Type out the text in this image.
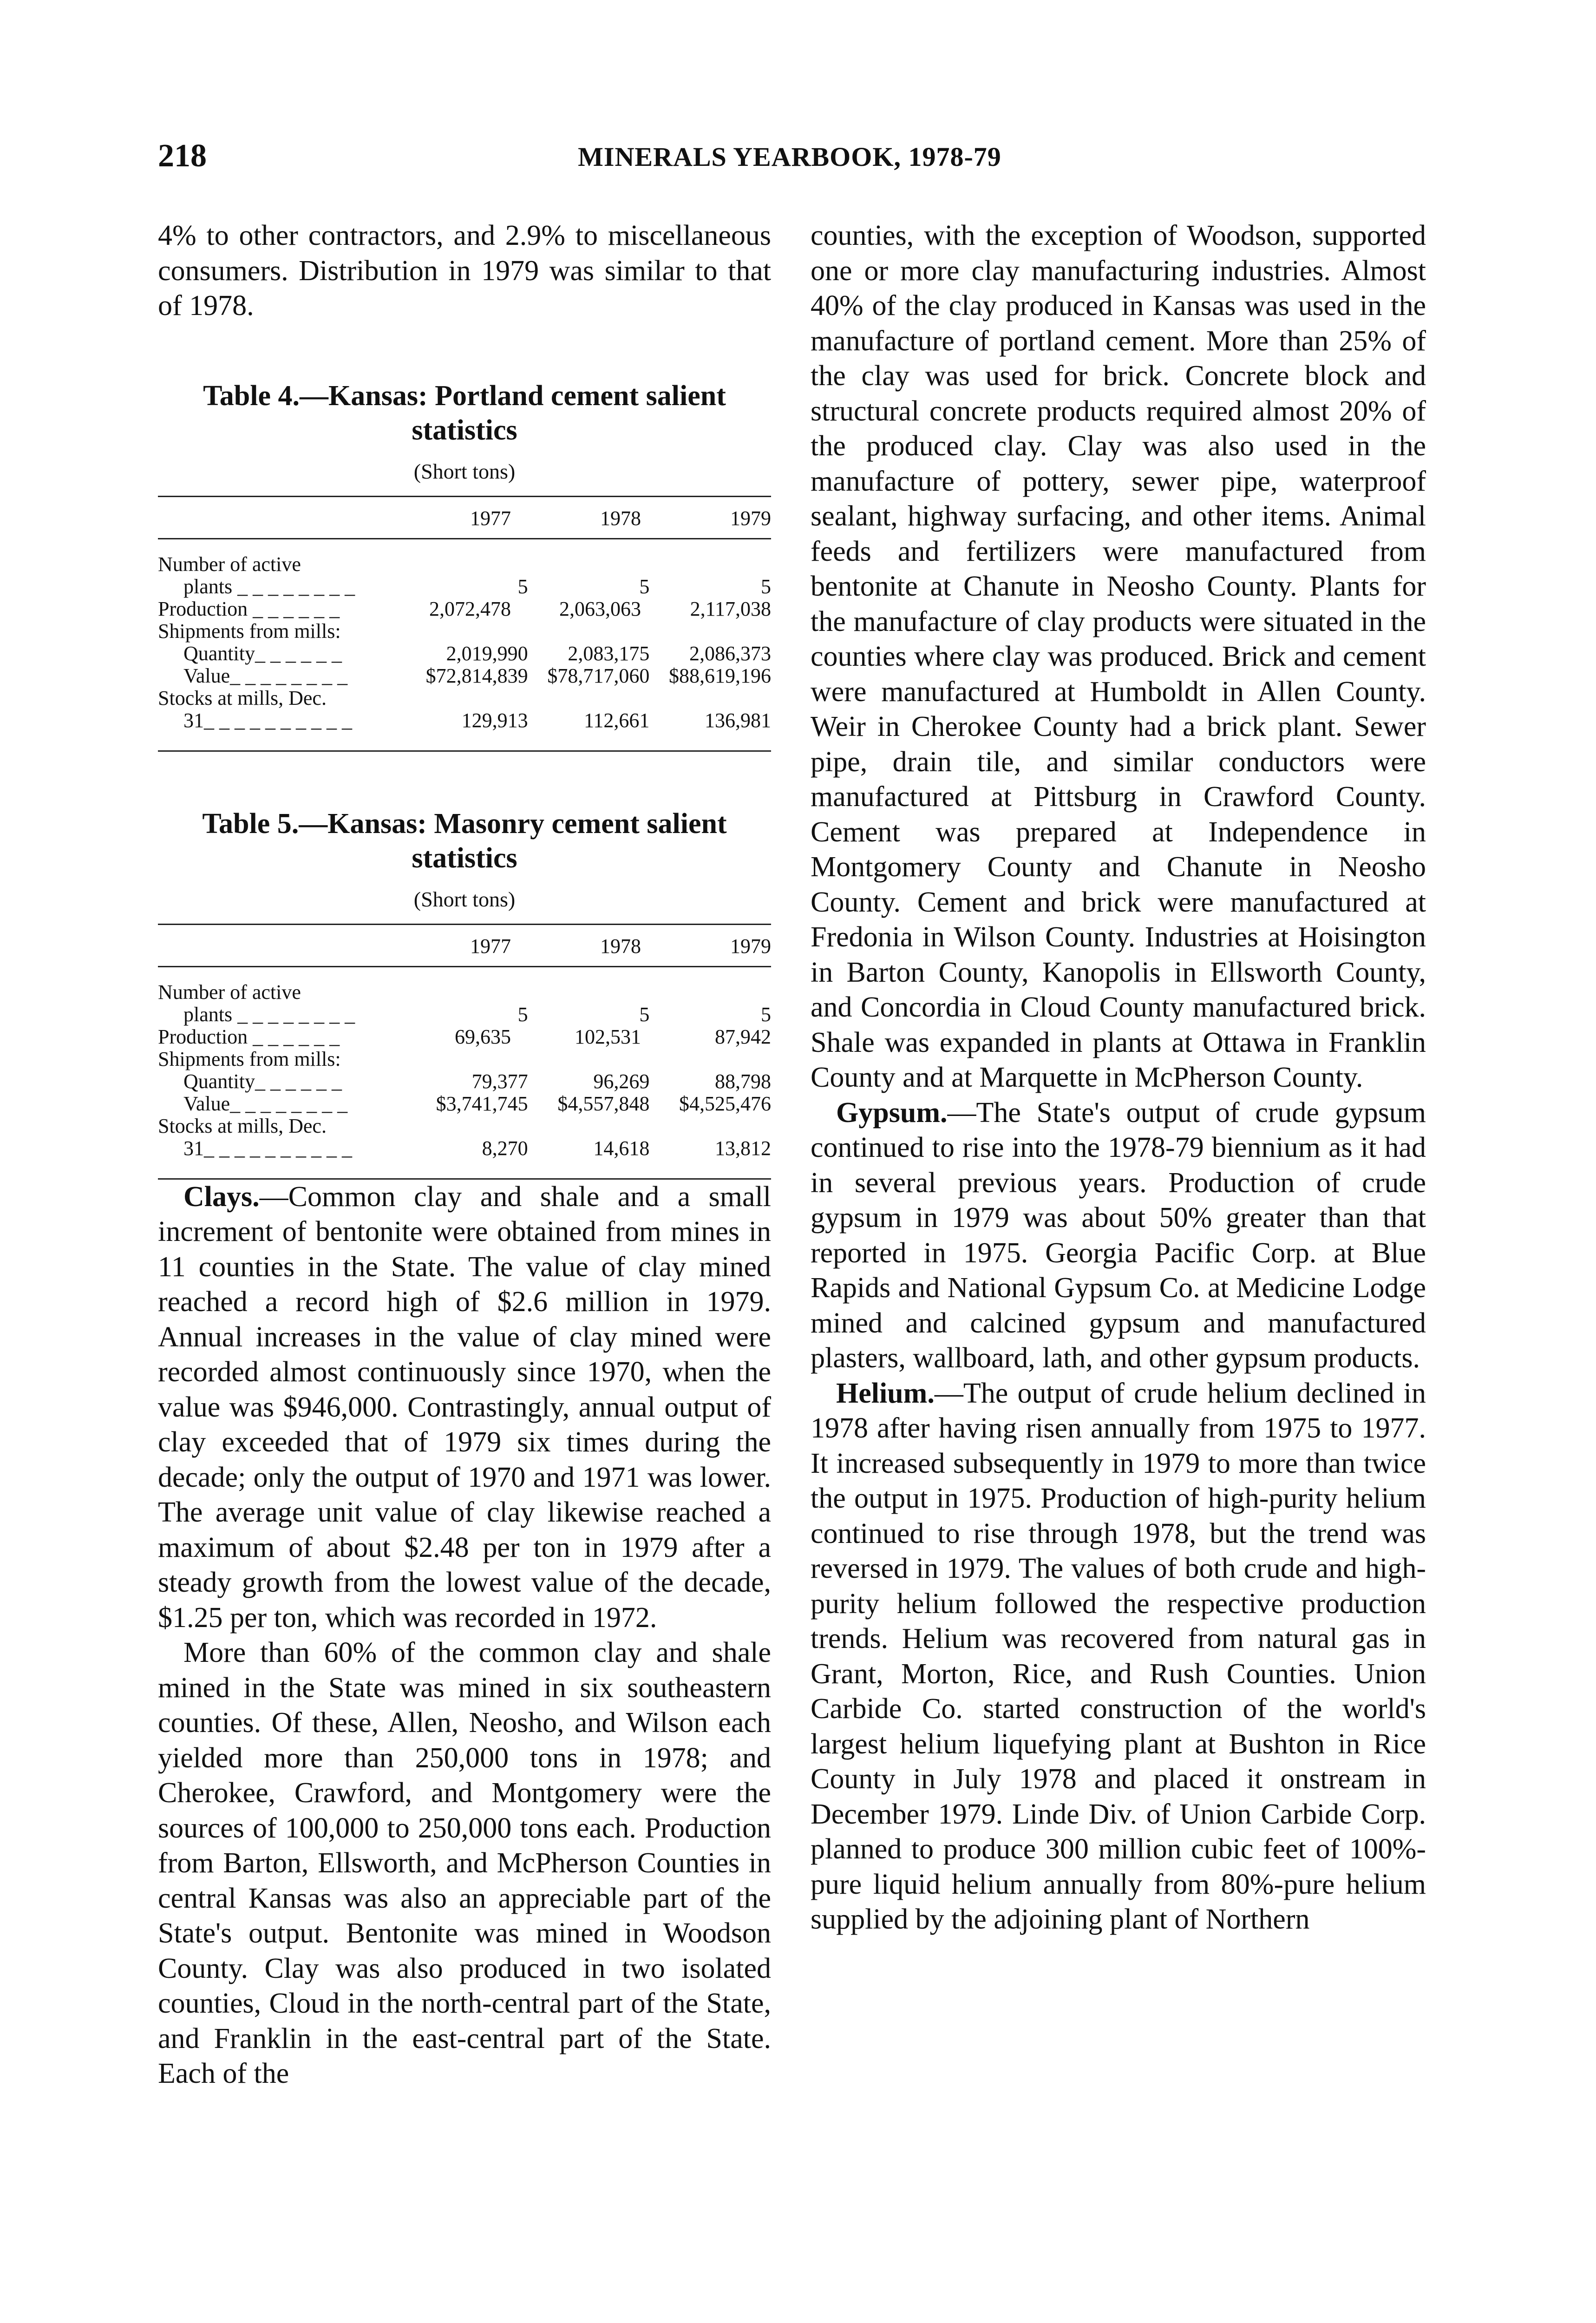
218	MINERALS YEARBOOK, 1978-79

4% to other contractors, and 2.9% to miscellaneous consumers. Distribution in 1979 was similar to that of 1978.

Table 4.—Kansas: Portland cement salient
statistics
(Short tons)
1977	1978	1979
Number of active
plants _ _ _ _ _ _ _ _	5	5	5
Production _ _ _ _ _ _	2,072,478	2,063,063	2,117,038
Shipments from mills:
Quantity_ _ _ _ _ _	2,019,990	2,083,175	2,086,373
Value_ _ _ _ _ _ _ _	$72,814,839 $78,717,060 $88,619,196
Stocks at mills, Dec.
31_ _ _ _ _ _ _ _ _ _	129,913	112,661	136,981
Table 5.—Kansas: Masonry cement salient
statistics
(Short tons)
1977	1978	1979
Number of active
plants _ _ _ _ _ _ _ _	5	5	5
Production _ _ _ _ _ _	69,635	102,531	87,942
Shipments from mills:
Quantity_ _ _ _ _ _	79,377	96,269	88,798
Value_ _ _ _ _ _ _ _	$3,741,745	$4,557,848	$4,525,476
Stocks at mills, Dec.
31_ _ _ _ _ _ _ _ _ _	8,270	14,618	13,812

Clays.—Common clay and shale and a small increment of bentonite were obtained from mines in 11 counties in the State. The value of clay mined reached a record high of $2.6 million in 1979. Annual increases in the value of clay mined were recorded almost continuously since 1970, when the value was $946,000. Contrastingly, annual output of clay exceeded that of 1979 six times during the decade; only the output of 1970 and 1971 was lower. The average unit value of clay likewise reached a maximum of about $2.48 per ton in 1979 after a steady growth from the lowest value of the decade, $1.25 per ton, which was recorded in 1972.

More than 60% of the common clay and shale mined in the State was mined in six southeastern counties. Of these, Allen, Neosho, and Wilson each yielded more than 250,000 tons in 1978; and Cherokee, Crawford, and Montgomery were the sources of 100,000 to 250,000 tons each. Production from Barton, Ellsworth, and McPherson Counties in central Kansas was also an appreciable part of the State's output. Bentonite was mined in Woodson County. Clay was also produced in two isolated counties, Cloud in the north-central part of the State, and Franklin in the east-central part of the State. Each of the

counties, with the exception of Woodson, supported one or more clay manufacturing industries. Almost 40% of the clay produced in Kansas was used in the manufacture of portland cement. More than 25% of the clay was used for brick. Concrete block and structural concrete products required almost 20% of the produced clay. Clay was also used in the manufacture of pottery, sewer pipe, waterproof sealant, highway surfacing, and other items. Animal feeds and fertilizers were manufactured from bentonite at Chanute in Neosho County. Plants for the manufacture of clay products were situated in the counties where clay was produced. Brick and cement were manufactured at Humboldt in Allen County. Weir in Cherokee County had a brick plant. Sewer pipe, drain tile, and similar conductors were manufactured at Pittsburg in Crawford County. Cement was prepared at Independence in Montgomery County and Chanute in Neosho County. Cement and brick were manufactured at Fredonia in Wilson County. Industries at Hoisington in Barton County, Kanopolis in Ellsworth County, and Concordia in Cloud County manufactured brick. Shale was expanded in plants at Ottawa in Franklin County and at Marquette in McPherson County.

Gypsum.—The State's output of crude gypsum continued to rise into the 1978-79 biennium as it had in several previous years. Production of crude gypsum in 1979 was about 50% greater than that reported in 1975. Georgia Pacific Corp. at Blue Rapids and National Gypsum Co. at Medicine Lodge mined and calcined gypsum and manufactured plasters, wallboard, lath, and other gypsum products.

Helium.—The output of crude helium declined in 1978 after having risen annually from 1975 to 1977. It increased subsequently in 1979 to more than twice the output in 1975. Production of high-purity helium continued to rise through 1978, but the trend was reversed in 1979. The values of both crude and high-purity helium followed the respective production trends. Helium was recovered from natural gas in Grant, Morton, Rice, and Rush Counties. Union Carbide Co. started construction of the world's largest helium liquefying plant at Bushton in Rice County in July 1978 and placed it onstream in December 1979. Linde Div. of Union Carbide Corp. planned to produce 300 million cubic feet of 100%-pure liquid helium annually from 80%-pure helium supplied by the adjoining plant of Northern
